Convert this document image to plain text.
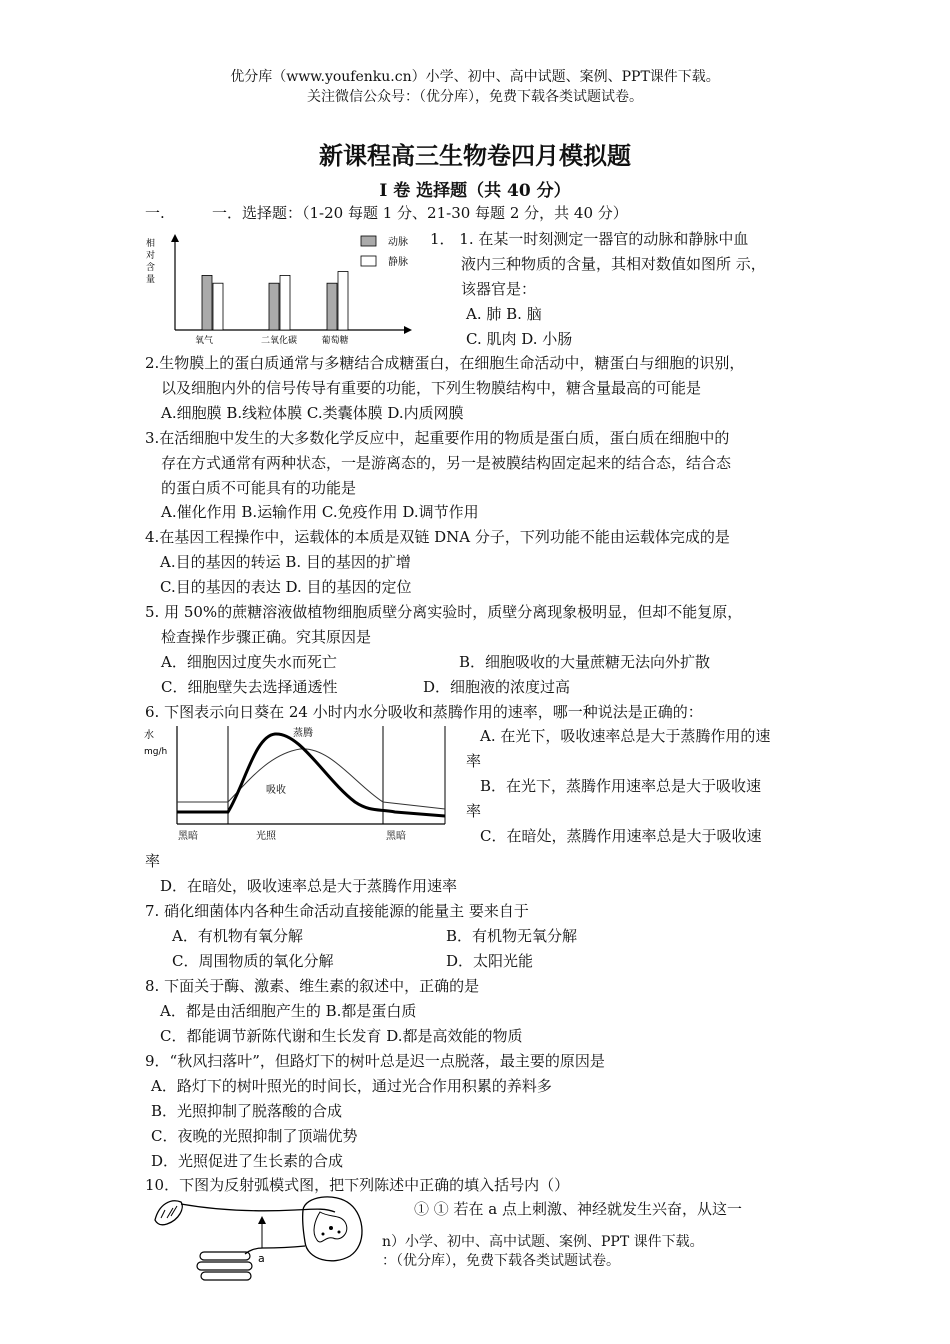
优分库（www.youfenku.cn）小学、初中、高中试题、案例、PPT课件下载。
关注微信公众号：（优分库），免费下载各类试题试卷。
新课程高三生物卷四月模拟题
Ⅰ 卷 选择题（共 40 分）
一.	一．选择题：（1-20 每题 1 分、21-30 每题 2 分，共 40 分）
相
对
含
量
动脉
静脉
氧气	二氧化碳	葡萄糖
1． 1. 在某一时刻测定一器官的动脉和静脉中血
液内三种物质的含量，其相对数值如图所 示，
该器官是：
A. 肺 B. 脑
C. 肌肉 D. 小肠
2.生物膜上的蛋白质通常与多糖结合成糖蛋白，在细胞生命活动中，糖蛋白与细胞的识别，
以及细胞内外的信号传导有重要的功能，下列生物膜结构中，糖含量最高的可能是
A.细胞膜 B.线粒体膜 C.类囊体膜 D.内质网膜
3.在活细胞中发生的大多数化学反应中，起重要作用的物质是蛋白质，蛋白质在细胞中的
存在方式通常有两种状态，一是游离态的，另一是被膜结构固定起来的结合态，结合态
的蛋白质不可能具有的功能是
A.催化作用 B.运输作用 C.免疫作用 D.调节作用
4.在基因工程操作中，运载体的本质是双链 DNA 分子，下列功能不能由运载体完成的是
A.目的基因的转运 B. 目的基因的扩增
C.目的基因的表达 D. 目的基因的定位
5. 用 50%的蔗糖溶液做植物细胞质壁分离实验时，质壁分离现象极明显，但却不能复原，
检查操作步骤正确。究其原因是
A．细胞因过度失水而死亡	B．细胞吸收的大量蔗糖无法向外扩散
C．细胞壁失去选择通透性	D．细胞液的浓度过高
6. 下图表示向日葵在 24 小时内水分吸收和蒸腾作用的速率，哪一种说法是正确的：
水
mg/h
蒸腾
吸收
黑暗	光照	黑暗
A. 在光下，吸收速率总是大于蒸腾作用的速
率
B．在光下，蒸腾作用速率总是大于吸收速
率
C．在暗处，蒸腾作用速率总是大于吸收速
率
D．在暗处，吸收速率总是大于蒸腾作用速率
7. 硝化细菌体内各种生命活动直接能源的能量主 要来自于
A．有机物有氧分解	B．有机物无氧分解
C．周围物质的氧化分解	D．太阳光能
8. 下面关于酶、激素、维生素的叙述中，正确的是
A．都是由活细胞产生的 B.都是蛋白质
C．都能调节新陈代谢和生长发育 D.都是高效能的物质
9．“秋风扫落叶”，但路灯下的树叶总是迟一点脱落，最主要的原因是
A．路灯下的树叶照光的时间长，通过光合作用积累的养料多
B．光照抑制了脱落酸的合成
C．夜晚的光照抑制了顶端优势
D．光照促进了生长素的合成
10．下图为反射弧模式图，把下列陈述中正确的填入括号内（）
① ① 若在 a 点上刺激、神经就发生兴奋，从这一
a
n）小学、初中、高中试题、案例、PPT 课件下载。
：（优分库），免费下载各类试题试卷。
